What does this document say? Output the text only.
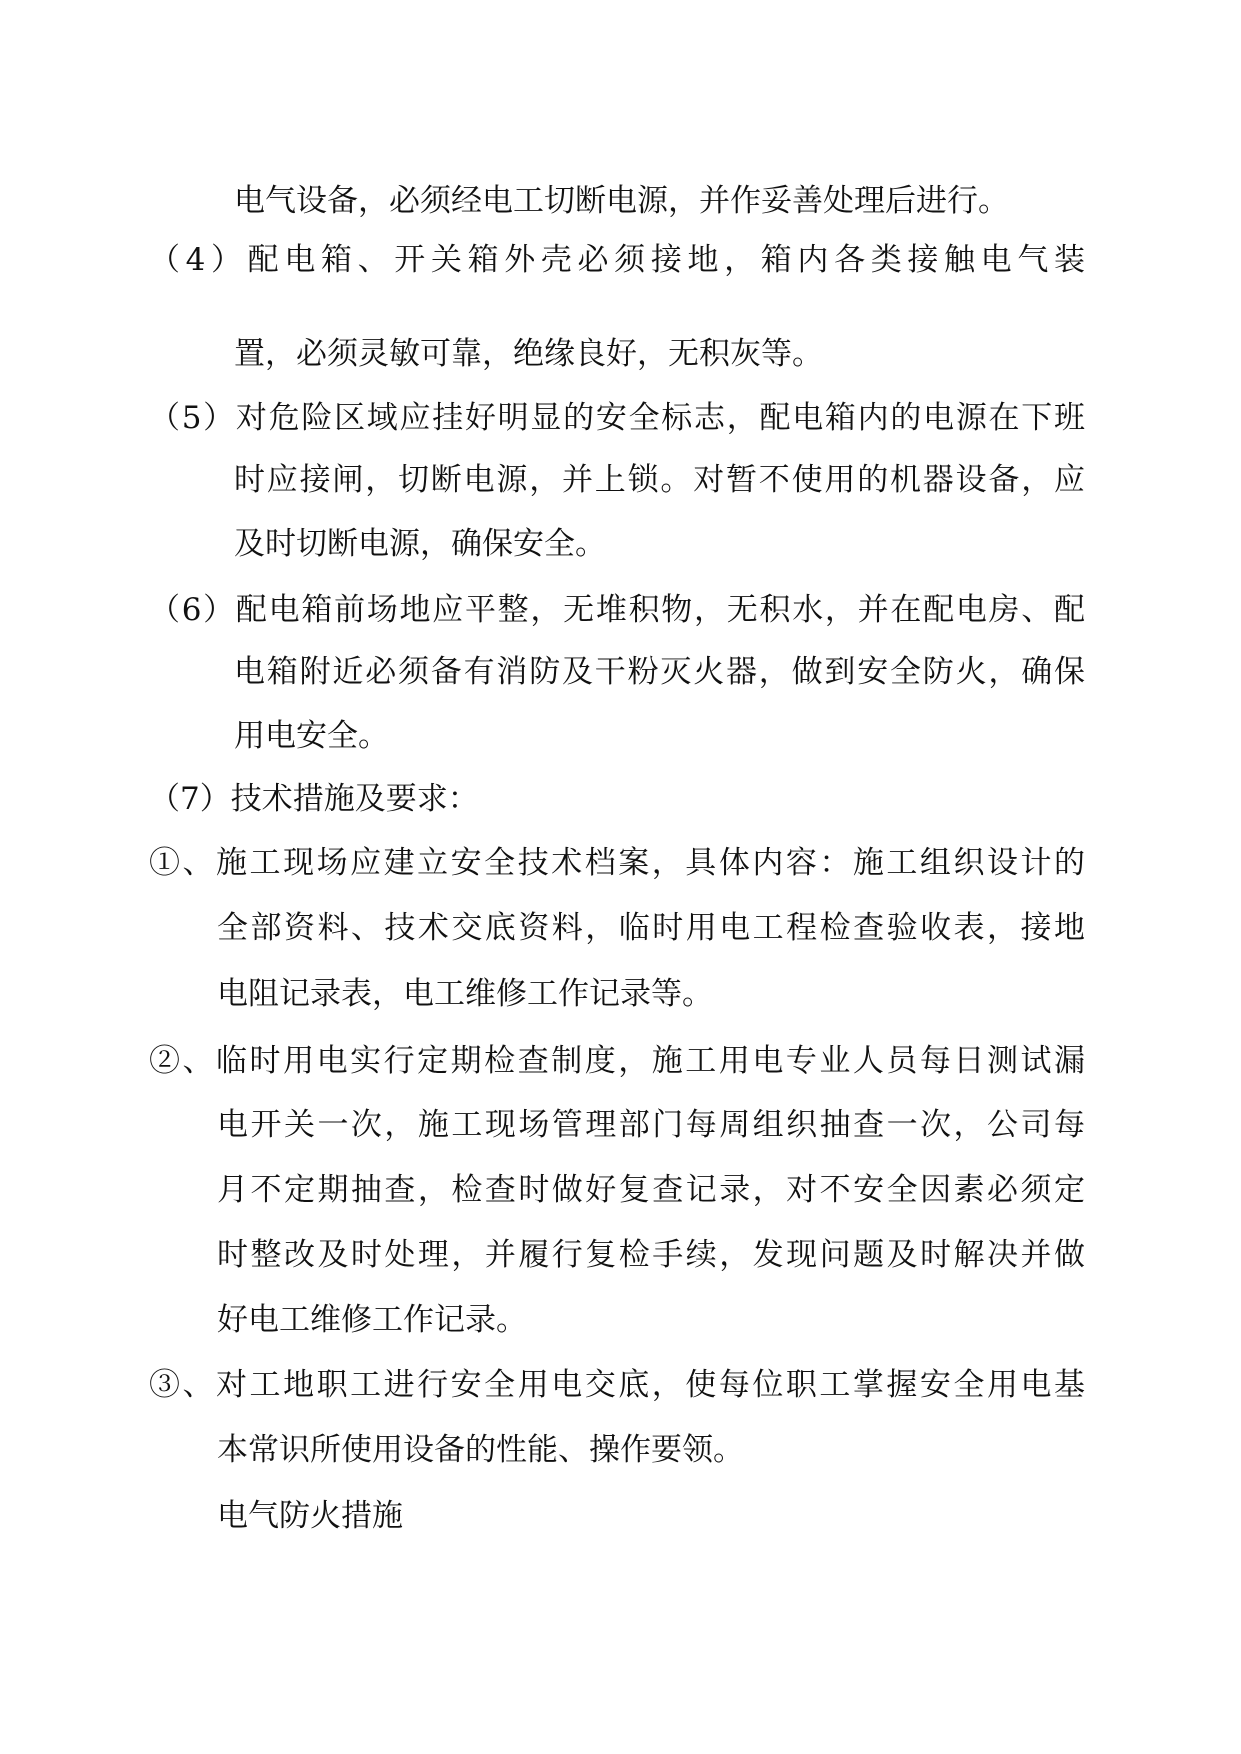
电气设备，必须经电工切断电源，并作妥善处理后进行。
（4）配电箱、开关箱外壳必须接地，箱内各类接触电气装
置，必须灵敏可靠，绝缘良好，无积灰等。
（5）对危险区域应挂好明显的安全标志，配电箱内的电源在下班
时应接闸，切断电源，并上锁。对暂不使用的机器设备，应
及时切断电源，确保安全。
（6）配电箱前场地应平整，无堆积物，无积水，并在配电房、配
电箱附近必须备有消防及干粉灭火器，做到安全防火，确保
用电安全。
（7）技术措施及要求：
①、施工现场应建立安全技术档案，具体内容：施工组织设计的
全部资料、技术交底资料，临时用电工程检查验收表，接地
电阻记录表，电工维修工作记录等。
②、临时用电实行定期检查制度，施工用电专业人员每日测试漏
电开关一次，施工现场管理部门每周组织抽查一次，公司每
月不定期抽查，检查时做好复查记录，对不安全因素必须定
时整改及时处理，并履行复检手续，发现问题及时解决并做
好电工维修工作记录。
③、对工地职工进行安全用电交底，使每位职工掌握安全用电基
本常识所使用设备的性能、操作要领。
电气防火措施
